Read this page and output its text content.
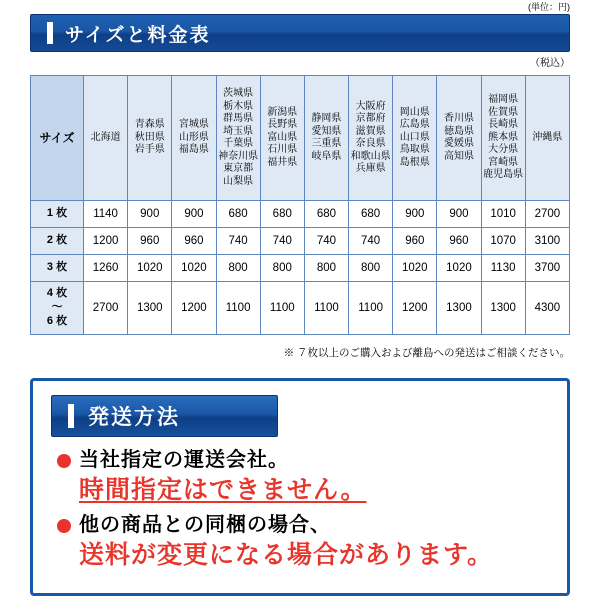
(単位：円)
サイズと料金表
（税込）
サイズ	北海道	青森県
秋田県
岩手県	宮城県
山形県
福島県	茨城県
栃木県
群馬県
埼玉県
千葉県
神奈川県
東京都
山梨県	新潟県
長野県
富山県
石川県
福井県	静岡県
愛知県
三重県
岐阜県	大阪府
京都府
滋賀県
奈良県
和歌山県
兵庫県	岡山県
広島県
山口県
鳥取県
島根県	香川県
徳島県
愛媛県
高知県	福岡県
佐賀県
長崎県
熊本県
大分県
宮崎県
鹿児島県	沖縄県
1 枚	1140	900	900	680	680	680	680	900	900	1010	2700
2 枚	1200	960	960	740	740	740	740	960	960	1070	3100
3 枚	1260	1020	1020	800	800	800	800	1020	1020	1130	3700
4 枚
～
6 枚	2700	1300	1200	1100	1100	1100	1100	1200	1300	1300	4300
※ ７枚以上のご購入および離島への発送はご相談ください。
発送方法
当社指定の運送会社。
時間指定はできません。
他の商品との同梱の場合、
送料が変更になる場合があります。
